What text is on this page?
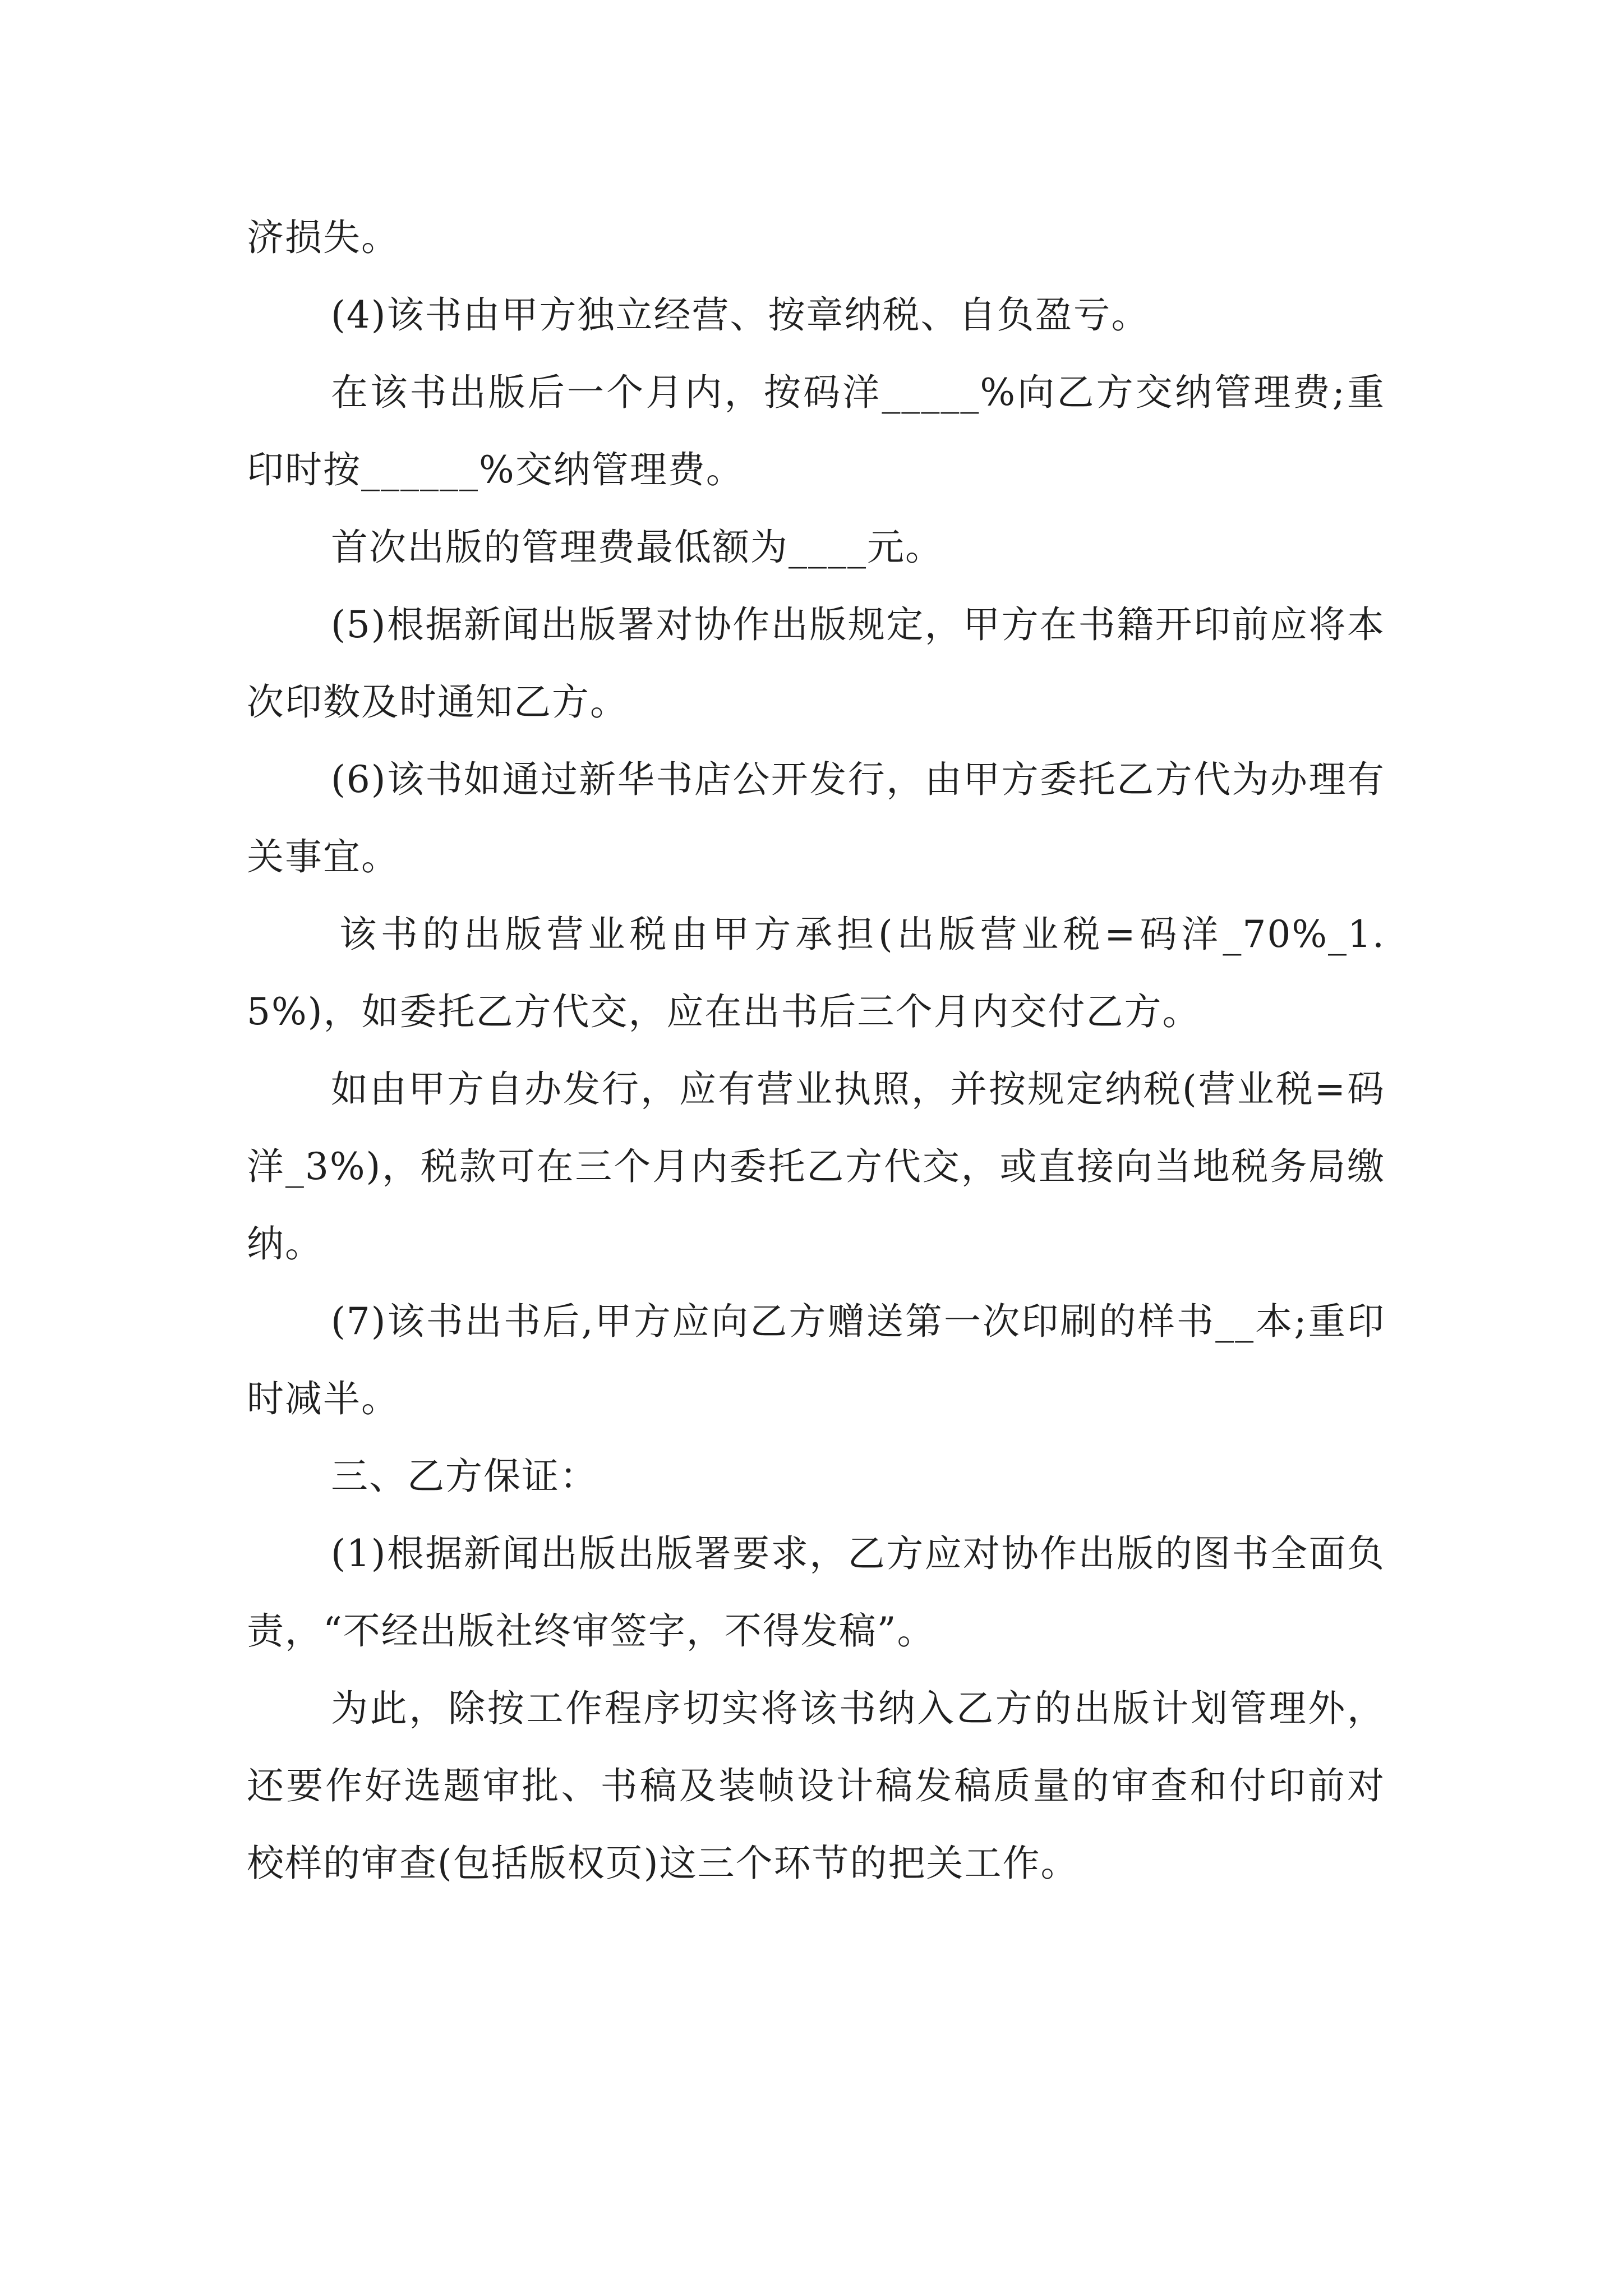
济损失。

(4)该书由甲方独立经营、按章纳税、自负盈亏。

在该书出版后一个月内，按码洋_____%向乙方交纳管理费;重印时按______%交纳管理费。

首次出版的管理费最低额为____元。

(5)根据新闻出版署对协作出版规定，甲方在书籍开印前应将本次印数及时通知乙方。

(6)该书如通过新华书店公开发行，由甲方委托乙方代为办理有关事宜。

该书的出版营业税由甲方承担(出版营业税=码洋_70%_1.5%)，如委托乙方代交，应在出书后三个月内交付乙方。

如由甲方自办发行，应有营业执照，并按规定纳税(营业税=码洋_3%)，税款可在三个月内委托乙方代交，或直接向当地税务局缴纳。

(7)该书出书后,甲方应向乙方赠送第一次印刷的样书__本;重印时减半。

三、乙方保证：

(1)根据新闻出版出版署要求，乙方应对协作出版的图书全面负责，“不经出版社终审签字，不得发稿”。

为此，除按工作程序切实将该书纳入乙方的出版计划管理外，还要作好选题审批、书稿及装帧设计稿发稿质量的审查和付印前对校样的审查(包括版权页)这三个环节的把关工作。
